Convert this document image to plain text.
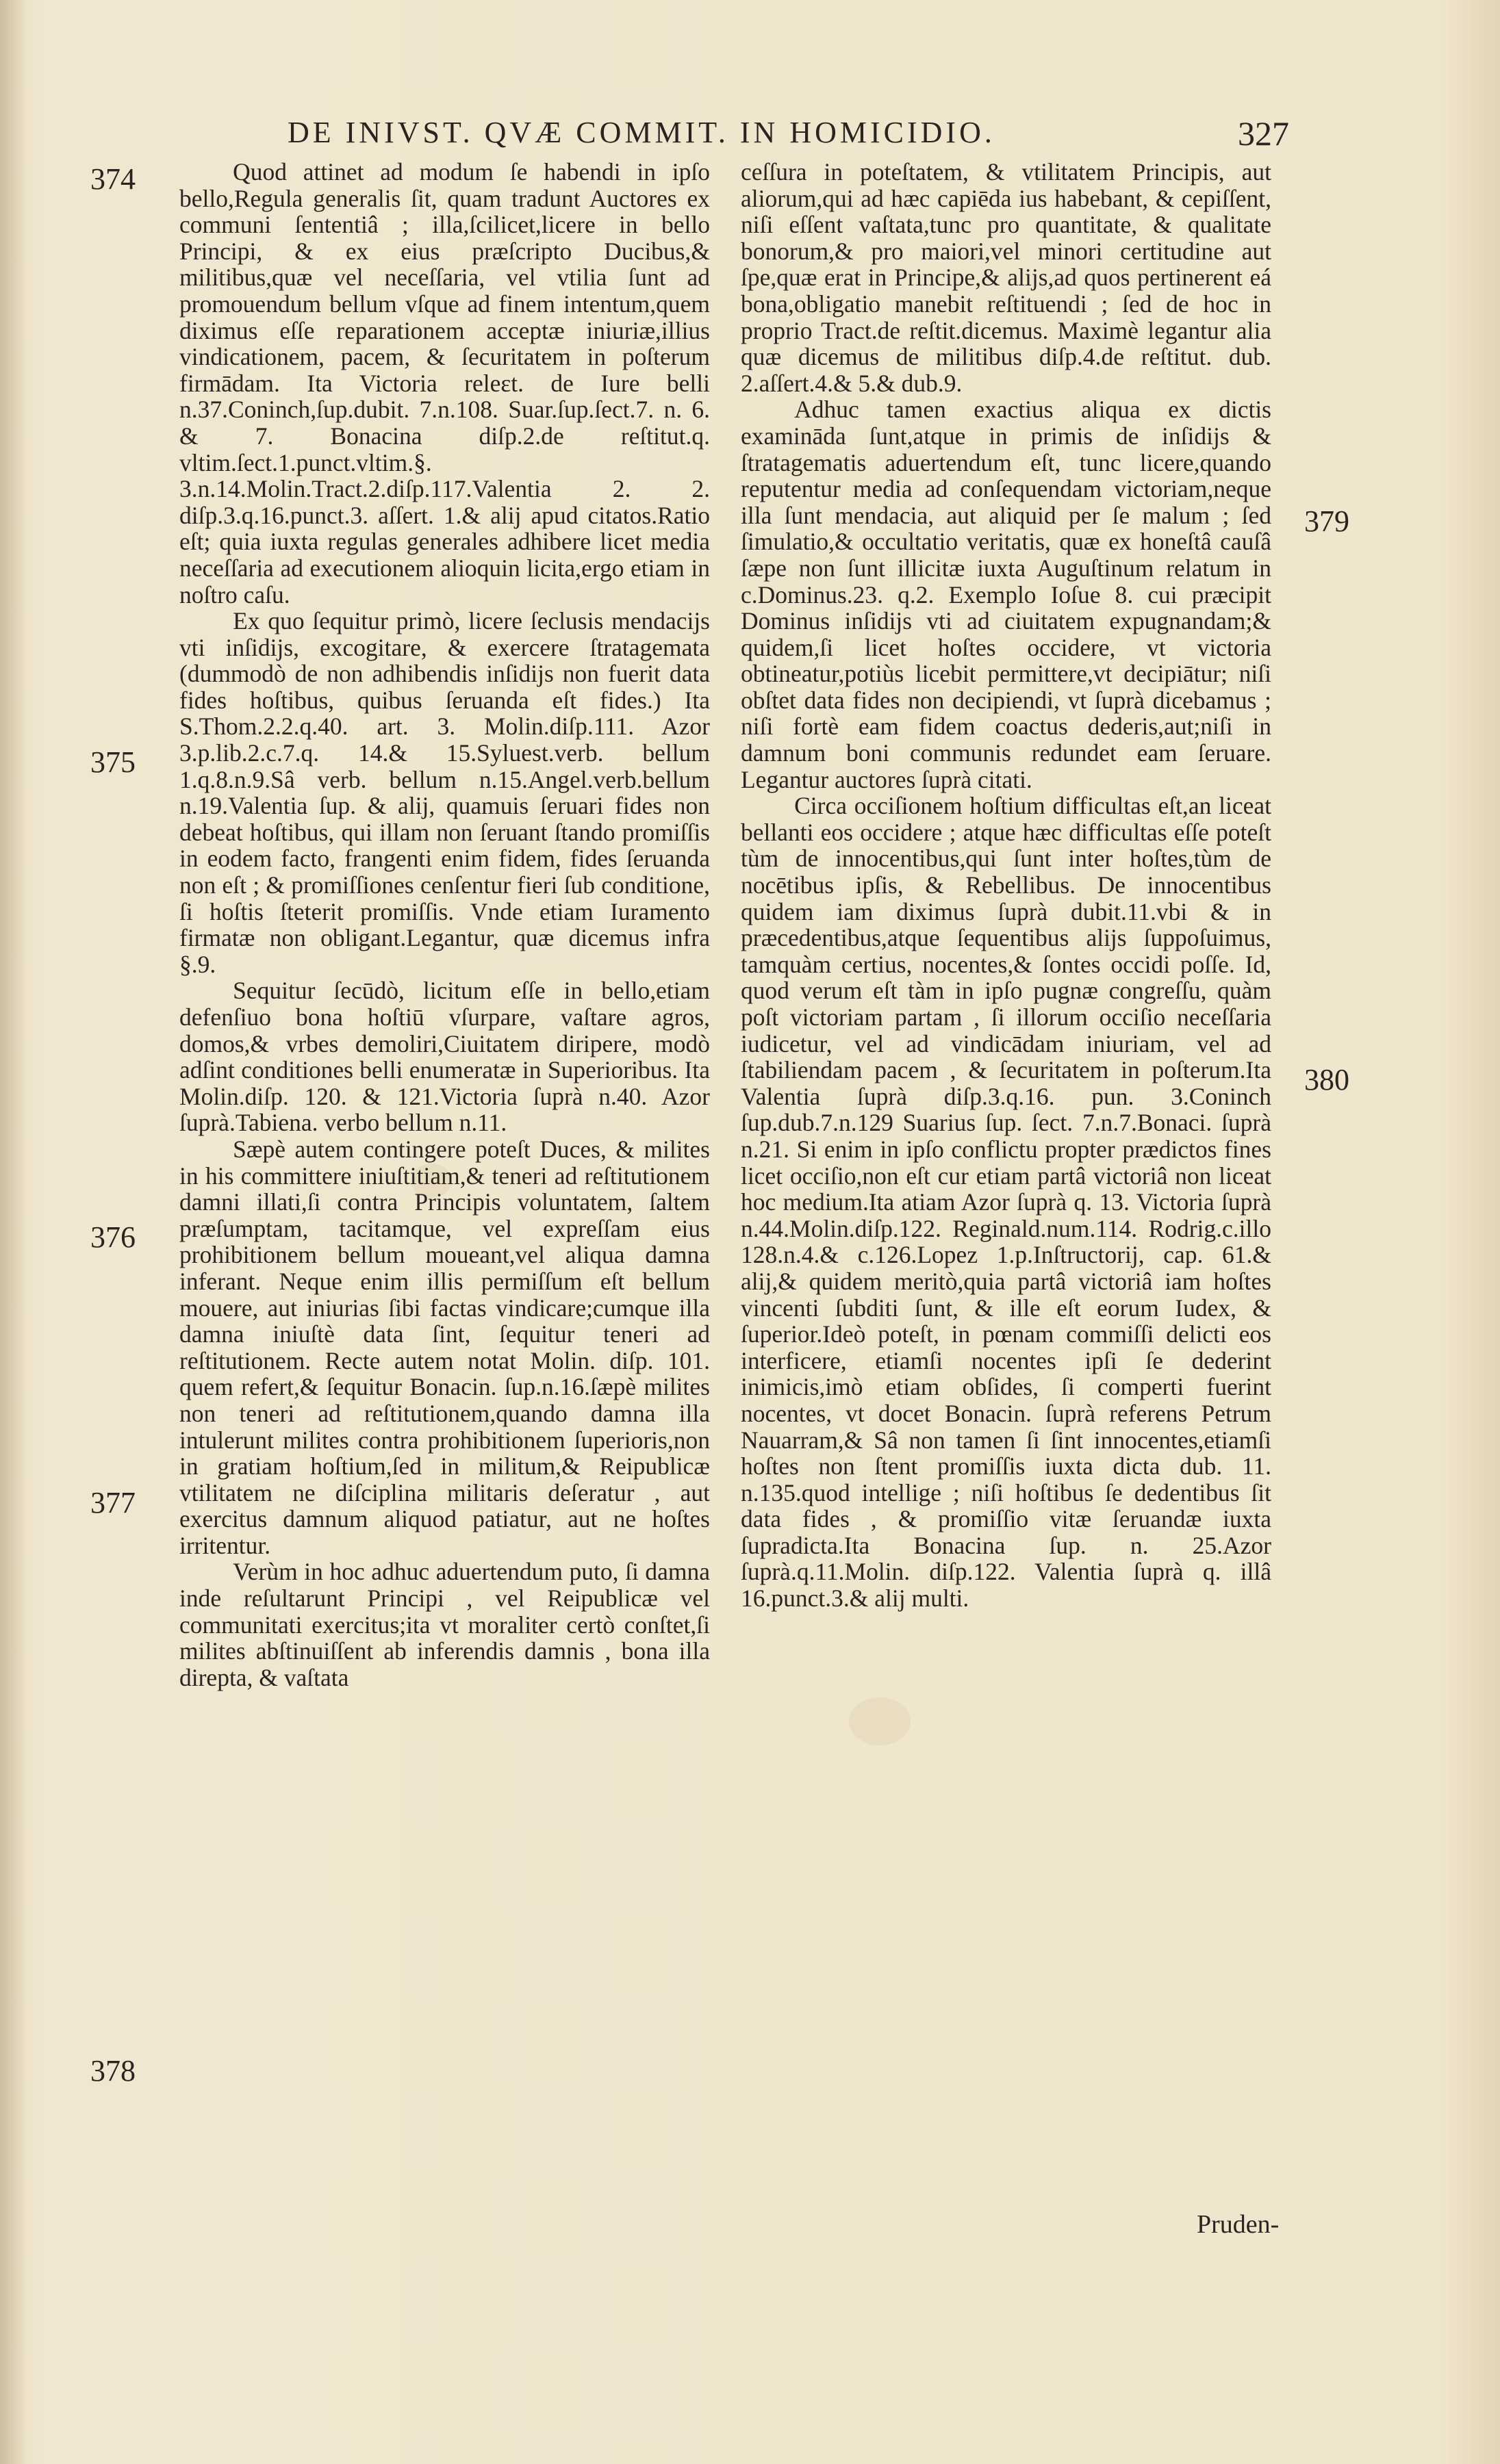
DE INIVST. QVÆ COMMIT. IN HOMICIDIO.	327
374
375
376
377
378
379
380

Quod attinet ad modum ſe habendi in ipſo bello,Regula generalis ſit, quam tradunt Auctores ex communi ſententiâ ; illa,ſcilicet,licere in bello Principi, & ex eius præſcripto Ducibus,& militibus,quæ vel neceſſaria, vel vtilia ſunt ad promouendum bellum vſque ad finem intentum,quem diximus eſſe reparationem acceptæ iniuriæ,illius vindicationem, pacem, & ſecuritatem in poſterum firmādam. Ita Victoria releɛt. de Iure belli n.37.Coninch,ſup.dubit. 7.n.108. Suar.ſup.ſect.7. n. 6. & 7. Bonacina diſp.2.de reſtitut.q. vltim.ſect.1.punct.vltim.§. 3.n.14.Molin.Tract.2.diſp.117.Valentia 2. 2. diſp.3.q.16.punct.3. aſſert. 1.& alij apud citatos.Ratio eſt; quia iuxta regulas generales adhibere licet media neceſſaria ad executionem alioquin licita,ergo etiam in noſtro caſu.

Ex quo ſequitur primò, licere ſeclusis mendacijs vti inſidijs, excogitare, & exercere ſtratagemata (dummodò de non adhibendis inſidijs non fuerit data fides hoſtibus, quibus ſeruanda eſt fides.) Ita S.Thom.2.2.q.40. art. 3. Molin.diſp.111. Azor 3.p.lib.2.c.7.q. 14.& 15.Syluest.verb. bellum 1.q.8.n.9.Sâ verb. bellum n.15.Angel.verb.bellum n.19.Valentia ſup. & alij, quamuis ſeruari fides non debeat hoſtibus, qui illam non ſeruant ſtando promiſſis in eodem facto, frangenti enim fidem, fides ſeruanda non eſt ; & promiſſiones cenſentur fieri ſub conditione, ſi hoſtis ſteterit promiſſis. Vnde etiam Iuramento firmatæ non obligant.Legantur, quæ dicemus infra §.9.

Sequitur ſecūdò, licitum eſſe in bello,etiam defenſiuo bona hoſtiū vſurpare, vaſtare agros, domos,& vrbes demoliri,Ciuitatem diripere, modò adſint conditiones belli enumeratæ in Superioribus. Ita Molin.diſp. 120. & 121.Victoria ſuprà n.40. Azor ſuprà.Tabiena. verbo bellum n.11.

Sæpè autem contingere poteſt Duces, & milites in his committere iniuſtitiam,& teneri ad reſtitutionem damni illati,ſi contra Principis voluntatem, ſaltem præſumptam, tacitamque, vel expreſſam eius prohibitionem bellum moueant,vel aliqua damna inferant. Neque enim illis permiſſum eſt bellum mouere, aut iniurias ſibi factas vindicare;cumque illa damna iniuſtè data ſint, ſequitur teneri ad reſtitutionem. Recte autem notat Molin. diſp. 101. quem refert,& ſequitur Bonacin. ſup.n.16.ſæpè milites non teneri ad reſtitutionem,quando damna illa intulerunt milites contra prohibitionem ſuperioris,non in gratiam hoſtium,ſed in militum,& Reipublicæ vtilitatem ne diſciplina militaris deſeratur , aut exercitus damnum aliquod patiatur, aut ne hoſtes irritentur.

Verùm in hoc adhuc aduertendum puto, ſi damna inde reſultarunt Principi , vel Reipublicæ vel communitati exercitus;ita vt moraliter certò conſtet,ſi milites abſtinuiſſent ab inferendis damnis , bona illa direpta, & vaſtata

ceſſura in poteſtatem, & vtilitatem Principis, aut aliorum,qui ad hæc capiēda ius habebant, & cepiſſent, niſi eſſent vaſtata,tunc pro quantitate, & qualitate bonorum,& pro maiori,vel minori certitudine aut ſpe,quæ erat in Principe,& alijs,ad quos pertinerent eá bona,obligatio manebit reſtituendi ; ſed de hoc in proprio Tract.de reſtit.dicemus. Maximè legantur alia quæ dicemus de militibus diſp.4.de reſtitut. dub. 2.aſſert.4.& 5.& dub.9.

Adhuc tamen exactius aliqua ex dictis examināda ſunt,atque in primis de inſidijs & ſtratagematis aduertendum eſt, tunc licere,quando reputentur media ad conſequendam victoriam,neque illa ſunt mendacia, aut aliquid per ſe malum ; ſed ſimulatio,& occultatio veritatis, quæ ex honeſtâ cauſâ ſæpe non ſunt illicitæ iuxta Auguſtinum relatum in c.Dominus.23. q.2. Exemplo Ioſue 8. cui præcipit Dominus inſidijs vti ad ciuitatem expugnandam;& quidem,ſi licet hoſtes occidere, vt victoria obtineatur,potiùs licebit permittere,vt decipiātur; niſi obſtet data fides non decipiendi, vt ſuprà dicebamus ; niſi fortè eam fidem coactus dederis,aut;niſi in damnum boni communis redundet eam ſeruare. Legantur auctores ſuprà citati.

Circa occiſionem hoſtium difficultas eſt,an liceat bellanti eos occidere ; atque hæc difficultas eſſe poteſt tùm de innocentibus,qui ſunt inter hoſtes,tùm de nocētibus ipſis, & Rebellibus. De innocentibus quidem iam diximus ſuprà dubit.11.vbi & in præcedentibus,atque ſequentibus alijs ſuppoſuimus, tamquàm certius, nocentes,& ſontes occidi poſſe. Id, quod verum eſt tàm in ipſo pugnæ congreſſu, quàm poſt victoriam partam , ſi illorum occiſio neceſſaria iudicetur, vel ad vindicādam iniuriam, vel ad ſtabiliendam pacem , & ſecuritatem in poſterum.Ita Valentia ſuprà diſp.3.q.16. pun. 3.Coninch ſup.dub.7.n.129 Suarius ſup. ſect. 7.n.7.Bonaci. ſuprà n.21. Si enim in ipſo conflictu propter prædictos fines licet occiſio,non eſt cur etiam partâ victoriâ non liceat hoc medium.Ita atiam Azor ſuprà q. 13. Victoria ſuprà n.44.Molin.diſp.122. Reginald.num.114. Rodrig.c.illo 128.n.4.& c.126.Lopez 1.p.Inſtructorij, cap. 61.& alij,& quidem meritò,quia partâ victoriâ iam hoſtes vincenti ſubditi ſunt, & ille eſt eorum Iudex, & ſuperior.Ideò poteſt, in pœnam commiſſi delicti eos interficere, etiamſi nocentes ipſi ſe dederint inimicis,imò etiam obſides, ſi comperti fuerint nocentes, vt docet Bonacin. ſuprà referens Petrum Nauarram,& Sâ non tamen ſi ſint innocentes,etiamſi hoſtes non ſtent promiſſis iuxta dicta dub. 11. n.135.quod intellige ; niſi hoſtibus ſe dedentibus ſit data fides , & promiſſio vitæ ſeruandæ iuxta ſupradicta.Ita Bonacina ſup. n. 25.Azor ſuprà.q.11.Molin. diſp.122. Valentia ſuprà q. illâ 16.punct.3.& alij multi.

Pruden-
